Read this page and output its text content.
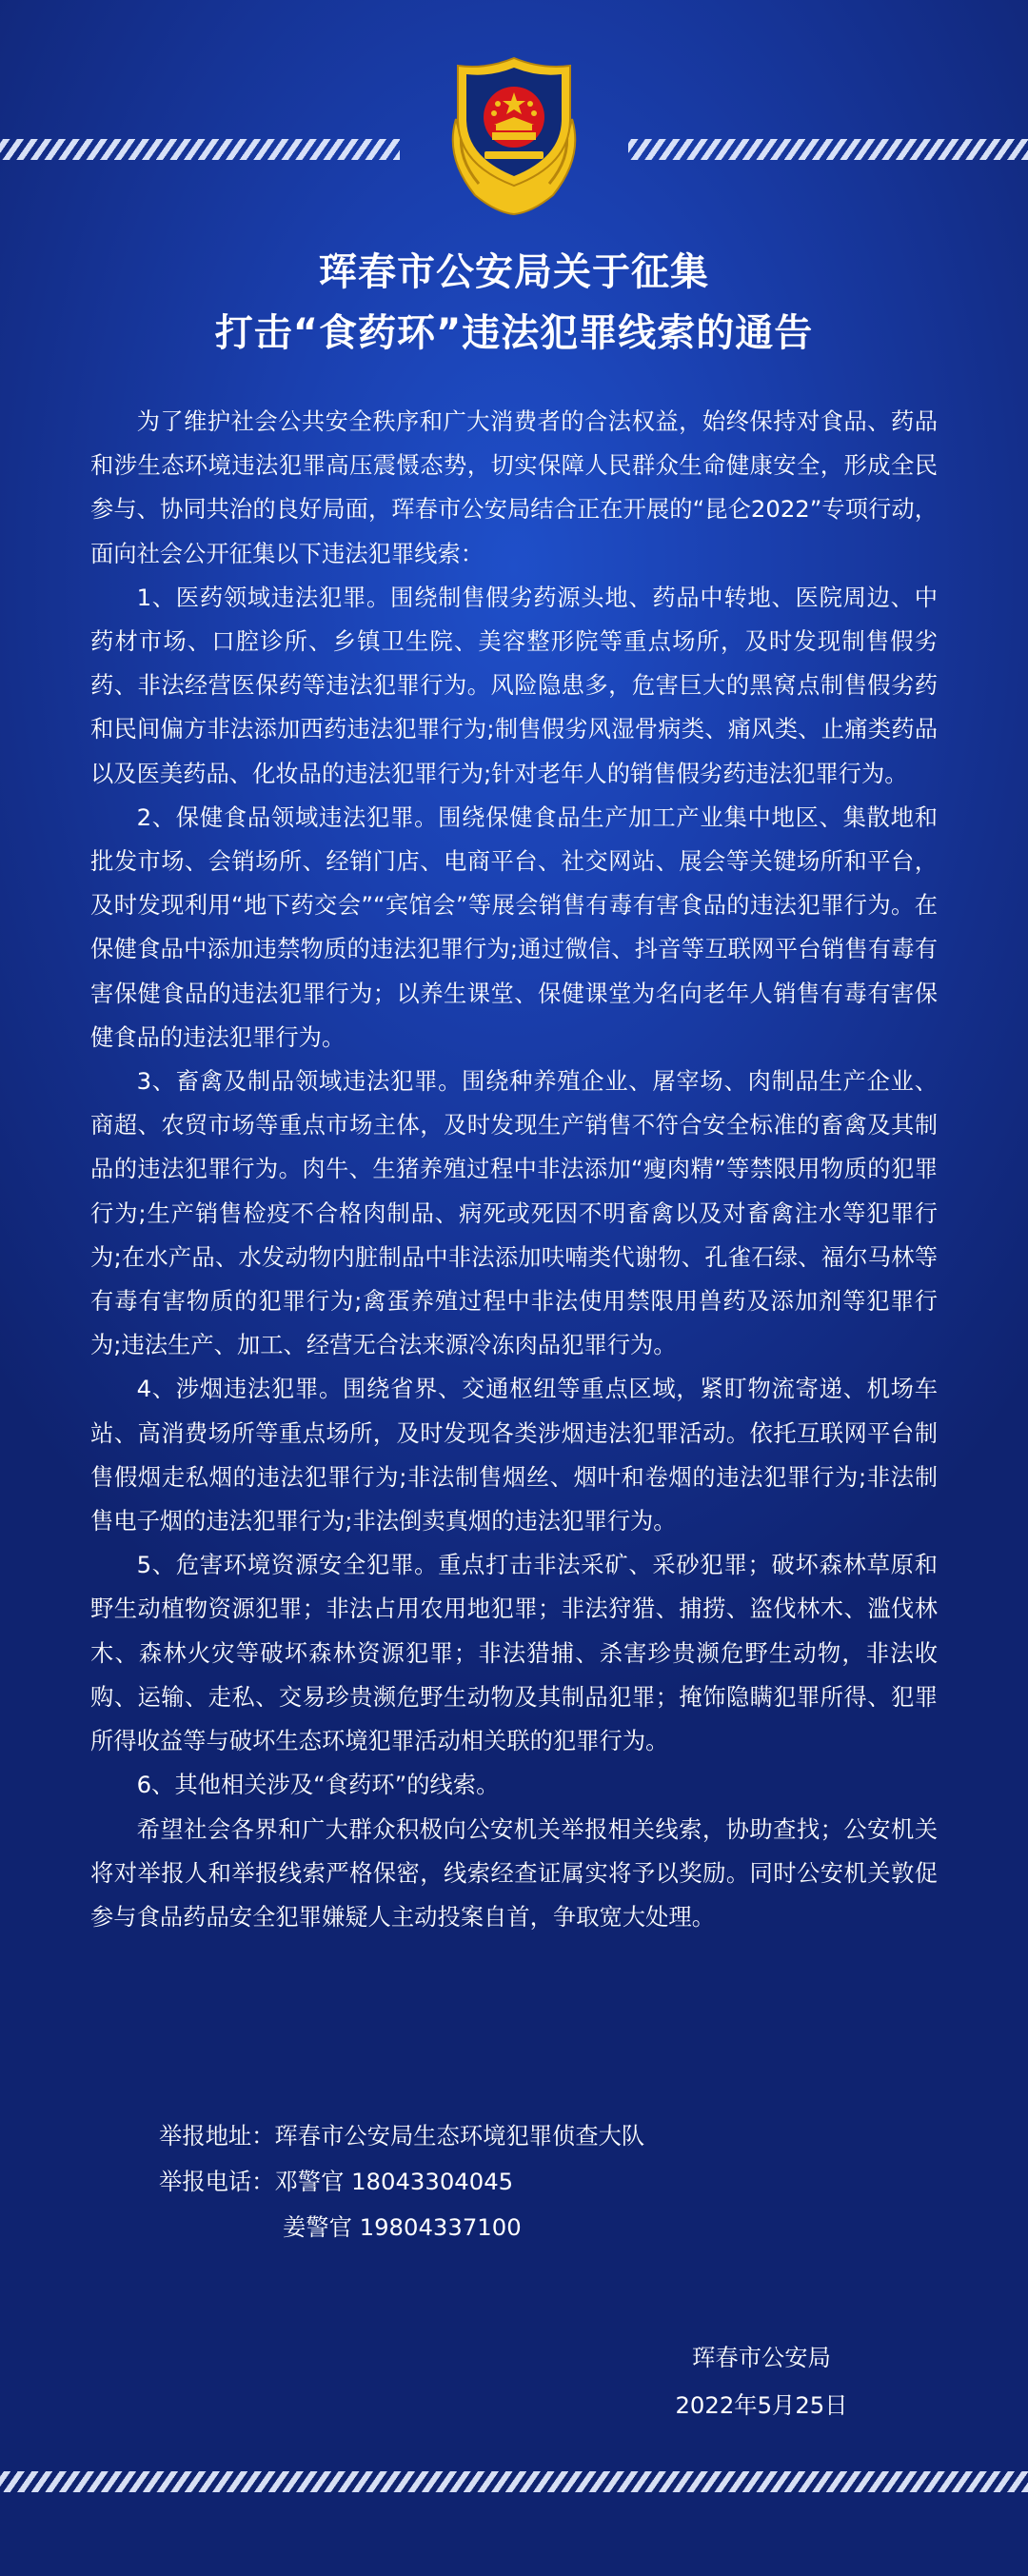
珲春市公安局关于征集
打击“食药环”违法犯罪线索的通告

为了维护社会公共安全秩序和广大消费者的合法权益，始终保持对食品、药品和涉生态环境违法犯罪高压震慑态势，切实保障人民群众生命健康安全，形成全民参与、协同共治的良好局面，珲春市公安局结合正在开展的“昆仑2022”专项行动，面向社会公开征集以下违法犯罪线索：

1、医药领域违法犯罪。围绕制售假劣药源头地、药品中转地、医院周边、中药材市场、口腔诊所、乡镇卫生院、美容整形院等重点场所，及时发现制售假劣药、非法经营医保药等违法犯罪行为。风险隐患多，危害巨大的黑窝点制售假劣药和民间偏方非法添加西药违法犯罪行为;制售假劣风湿骨病类、痛风类、止痛类药品以及医美药品、化妆品的违法犯罪行为;针对老年人的销售假劣药违法犯罪行为。

2、保健食品领域违法犯罪。围绕保健食品生产加工产业集中地区、集散地和批发市场、会销场所、经销门店、电商平台、社交网站、展会等关键场所和平台，及时发现利用“地下药交会”“宾馆会”等展会销售有毒有害食品的违法犯罪行为。在保健食品中添加违禁物质的违法犯罪行为;通过微信、抖音等互联网平台销售有毒有害保健食品的违法犯罪行为；以养生课堂、保健课堂为名向老年人销售有毒有害保健食品的违法犯罪行为。

3、畜禽及制品领域违法犯罪。围绕种养殖企业、屠宰场、肉制品生产企业、商超、农贸市场等重点市场主体，及时发现生产销售不符合安全标准的畜禽及其制品的违法犯罪行为。肉牛、生猪养殖过程中非法添加“瘦肉精”等禁限用物质的犯罪行为;生产销售检疫不合格肉制品、病死或死因不明畜禽以及对畜禽注水等犯罪行为;在水产品、水发动物内脏制品中非法添加呋喃类代谢物、孔雀石绿、福尔马林等有毒有害物质的犯罪行为;禽蛋养殖过程中非法使用禁限用兽药及添加剂等犯罪行为;违法生产、加工、经营无合法来源冷冻肉品犯罪行为。

4、涉烟违法犯罪。围绕省界、交通枢纽等重点区域，紧盯物流寄递、机场车站、高消费场所等重点场所，及时发现各类涉烟违法犯罪活动。依托互联网平台制售假烟走私烟的违法犯罪行为;非法制售烟丝、烟叶和卷烟的违法犯罪行为;非法制售电子烟的违法犯罪行为;非法倒卖真烟的违法犯罪行为。

5、危害环境资源安全犯罪。重点打击非法采矿、采砂犯罪；破坏森林草原和野生动植物资源犯罪；非法占用农用地犯罪；非法狩猎、捕捞、盗伐林木、滥伐林木、森林火灾等破坏森林资源犯罪；非法猎捕、杀害珍贵濒危野生动物，非法收购、运输、走私、交易珍贵濒危野生动物及其制品犯罪；掩饰隐瞒犯罪所得、犯罪所得收益等与破坏生态环境犯罪活动相关联的犯罪行为。

6、其他相关涉及“食药环”的线索。

希望社会各界和广大群众积极向公安机关举报相关线索，协助查找；公安机关将对举报人和举报线索严格保密，线索经查证属实将予以奖励。同时公安机关敦促参与食品药品安全犯罪嫌疑人主动投案自首，争取宽大处理。

举报地址：珲春市公安局生态环境犯罪侦查大队
举报电话：邓警官 18043304045
姜警官 19804337100
珲春市公安局
2022年5月25日
